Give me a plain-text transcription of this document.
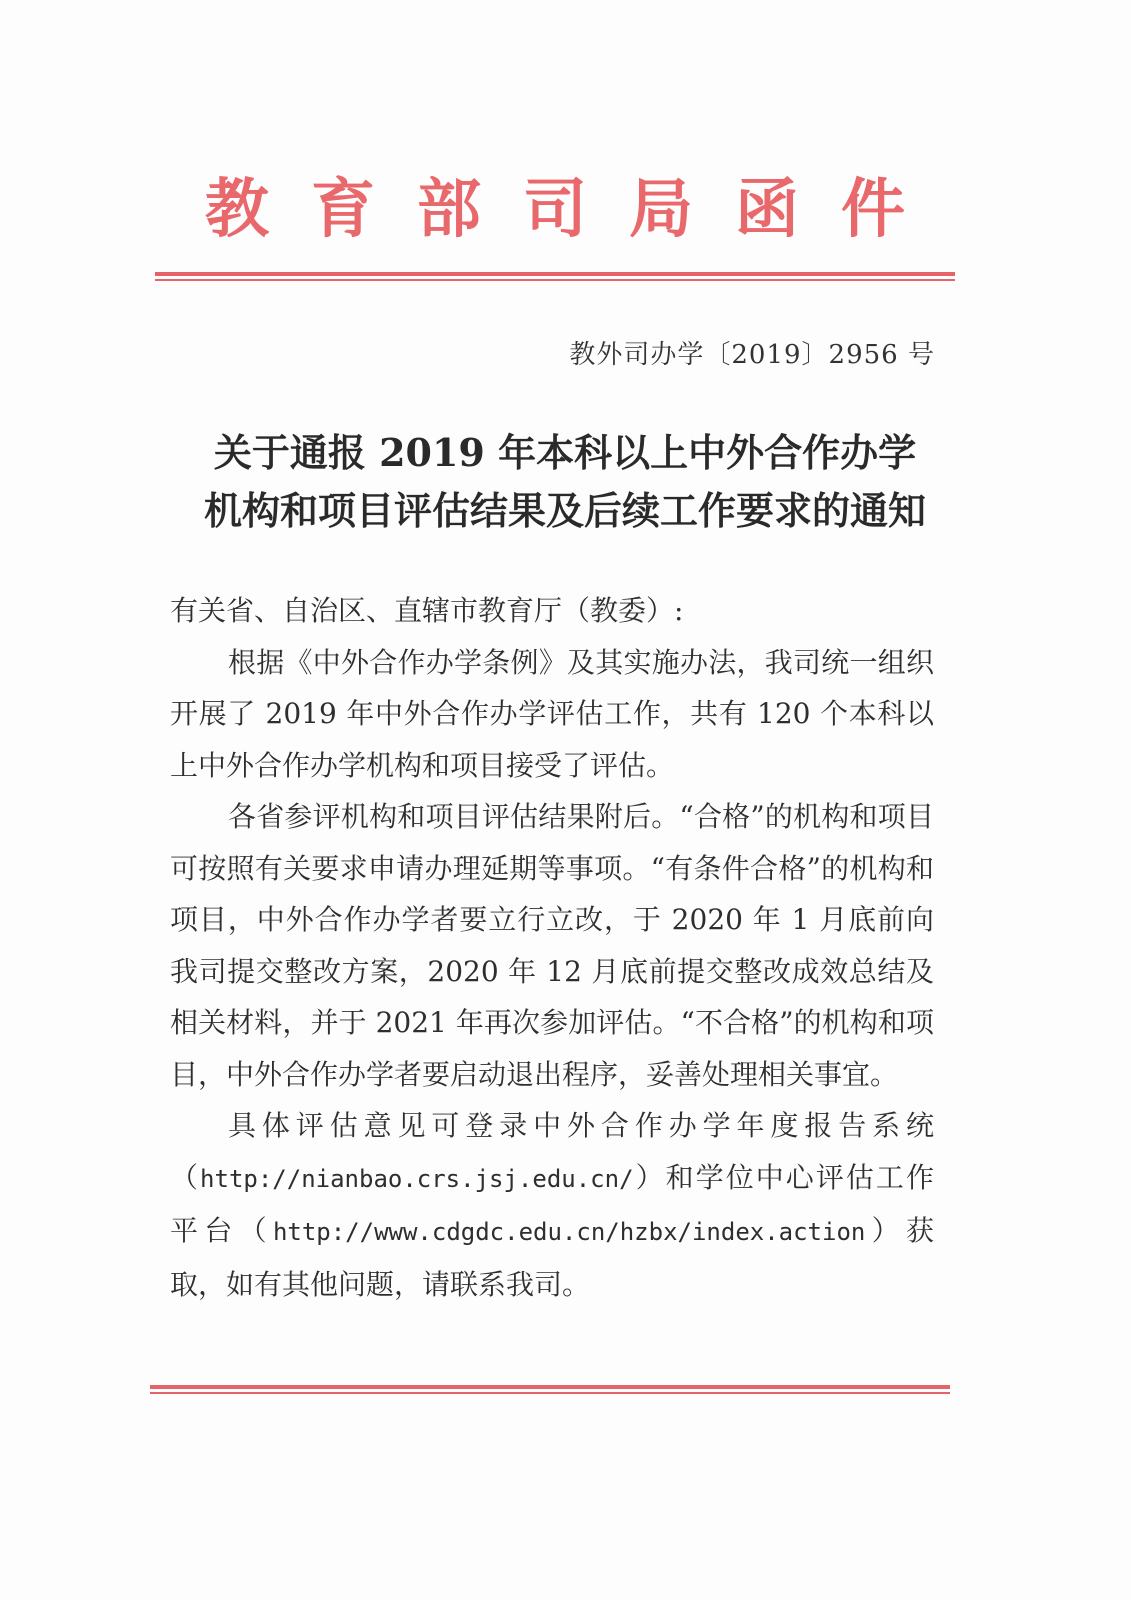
教育部司局函件
教外司办学〔2019〕2956 号
关于通报 2019 年本科以上中外合作办学
机构和项目评估结果及后续工作要求的通知

有关省、自治区、直辖市教育厅（教委）:

根据《中外合作办学条例》及其实施办法，我司统一组织开展了 2019 年中外合作办学评估工作，共有 120 个本科以上中外合作办学机构和项目接受了评估。

各省参评机构和项目评估结果附后。“合格”的机构和项目可按照有关要求申请办理延期等事项。“有条件合格”的机构和项目，中外合作办学者要立行立改，于 2020 年 1 月底前向我司提交整改方案，2020 年 12 月底前提交整改成效总结及相关材料，并于 2021 年再次参加评估。“不合格”的机构和项目，中外合作办学者要启动退出程序，妥善处理相关事宜。

具体评估意见可登录中外合作办学年度报告系统（http://nianbao.crs.jsj.edu.cn/）和学位中心评估工作平台（http://www.cdgdc.edu.cn/hzbx/index.action）获取，如有其他问题，请联系我司。
